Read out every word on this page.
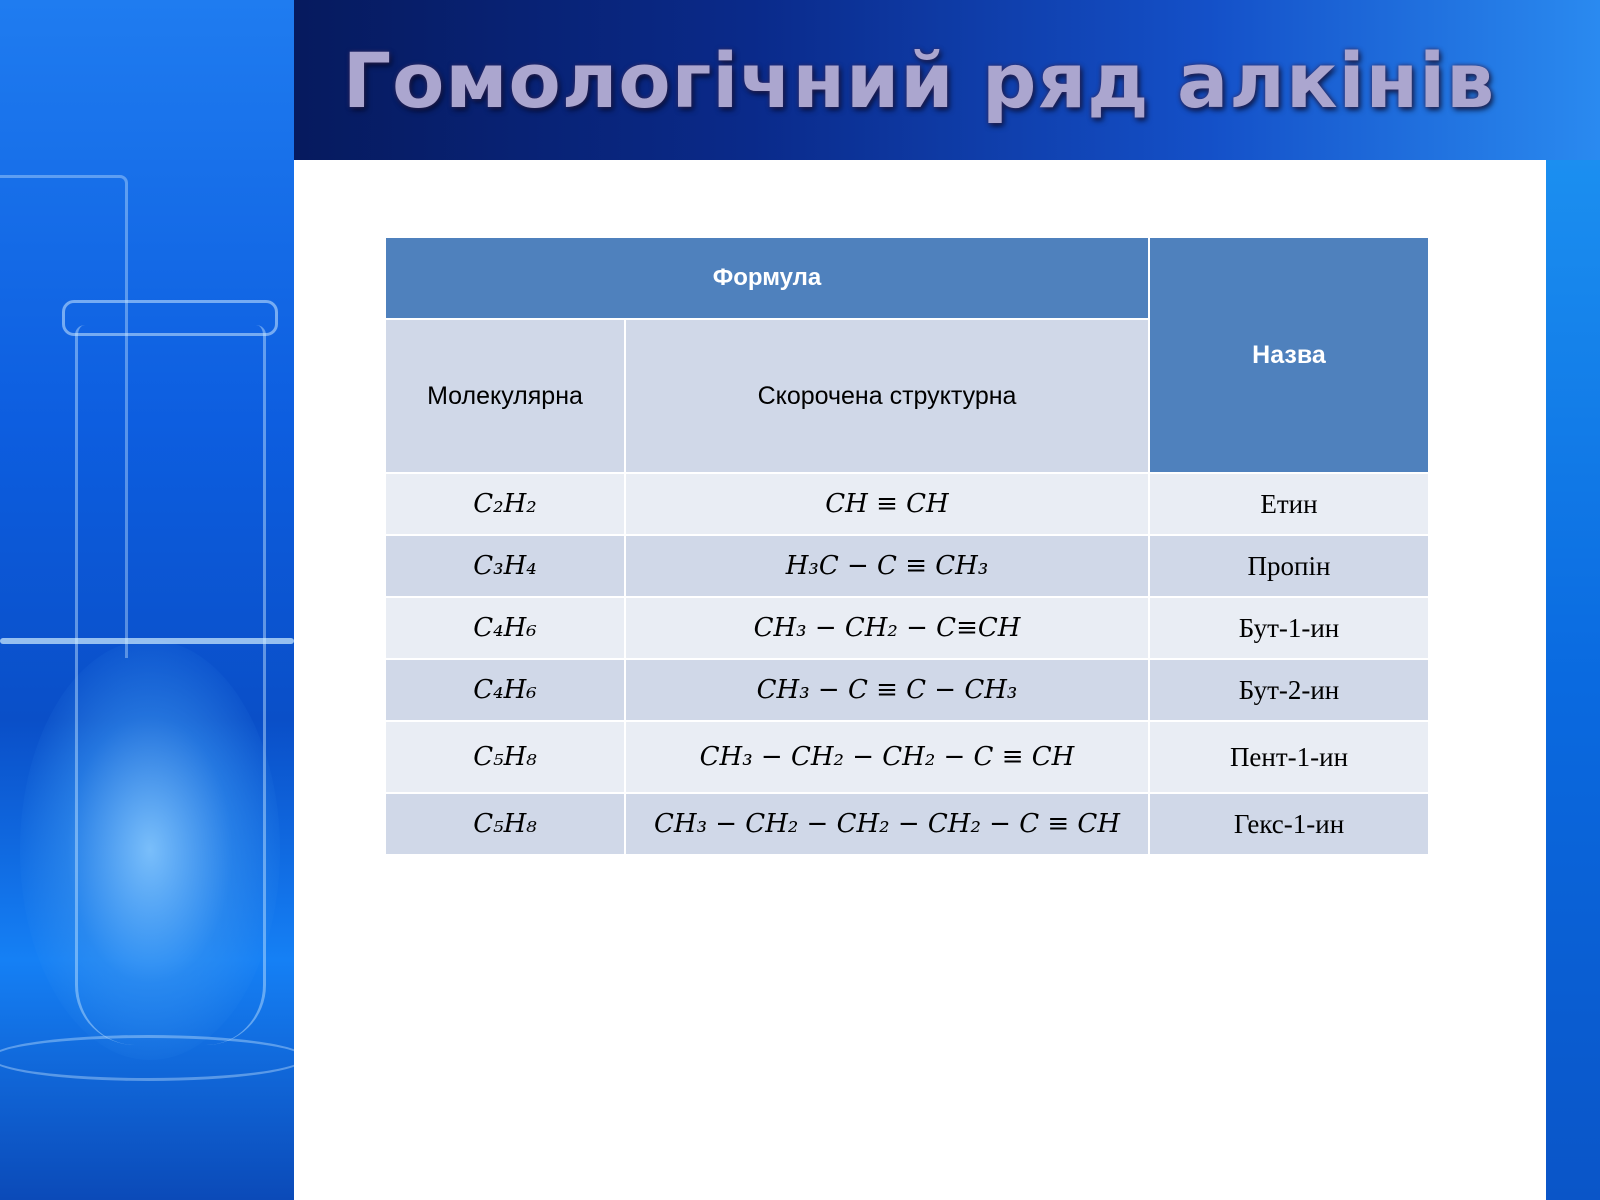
Гомологічний ряд алкінів
Формула		Назва
Молекулярна	Скорочена структурна	
C₂H₂	CH ≡ CH	Етин
C₃H₄	H₃C − C ≡ CH₃	Пропін
C₄H₆	CH₃ − CH₂ − C≡CH	Бут-1-ин
C₄H₆	CH₃ − C ≡ C − CH₃	Бут-2-ин
C₅H₈	CH₃ − CH₂ − CH₂ − C ≡ CH	Пент-1-ин
C₅H₈	CH₃ − CH₂ − CH₂ − CH₂ − C ≡ CH	Гекс-1-ин
